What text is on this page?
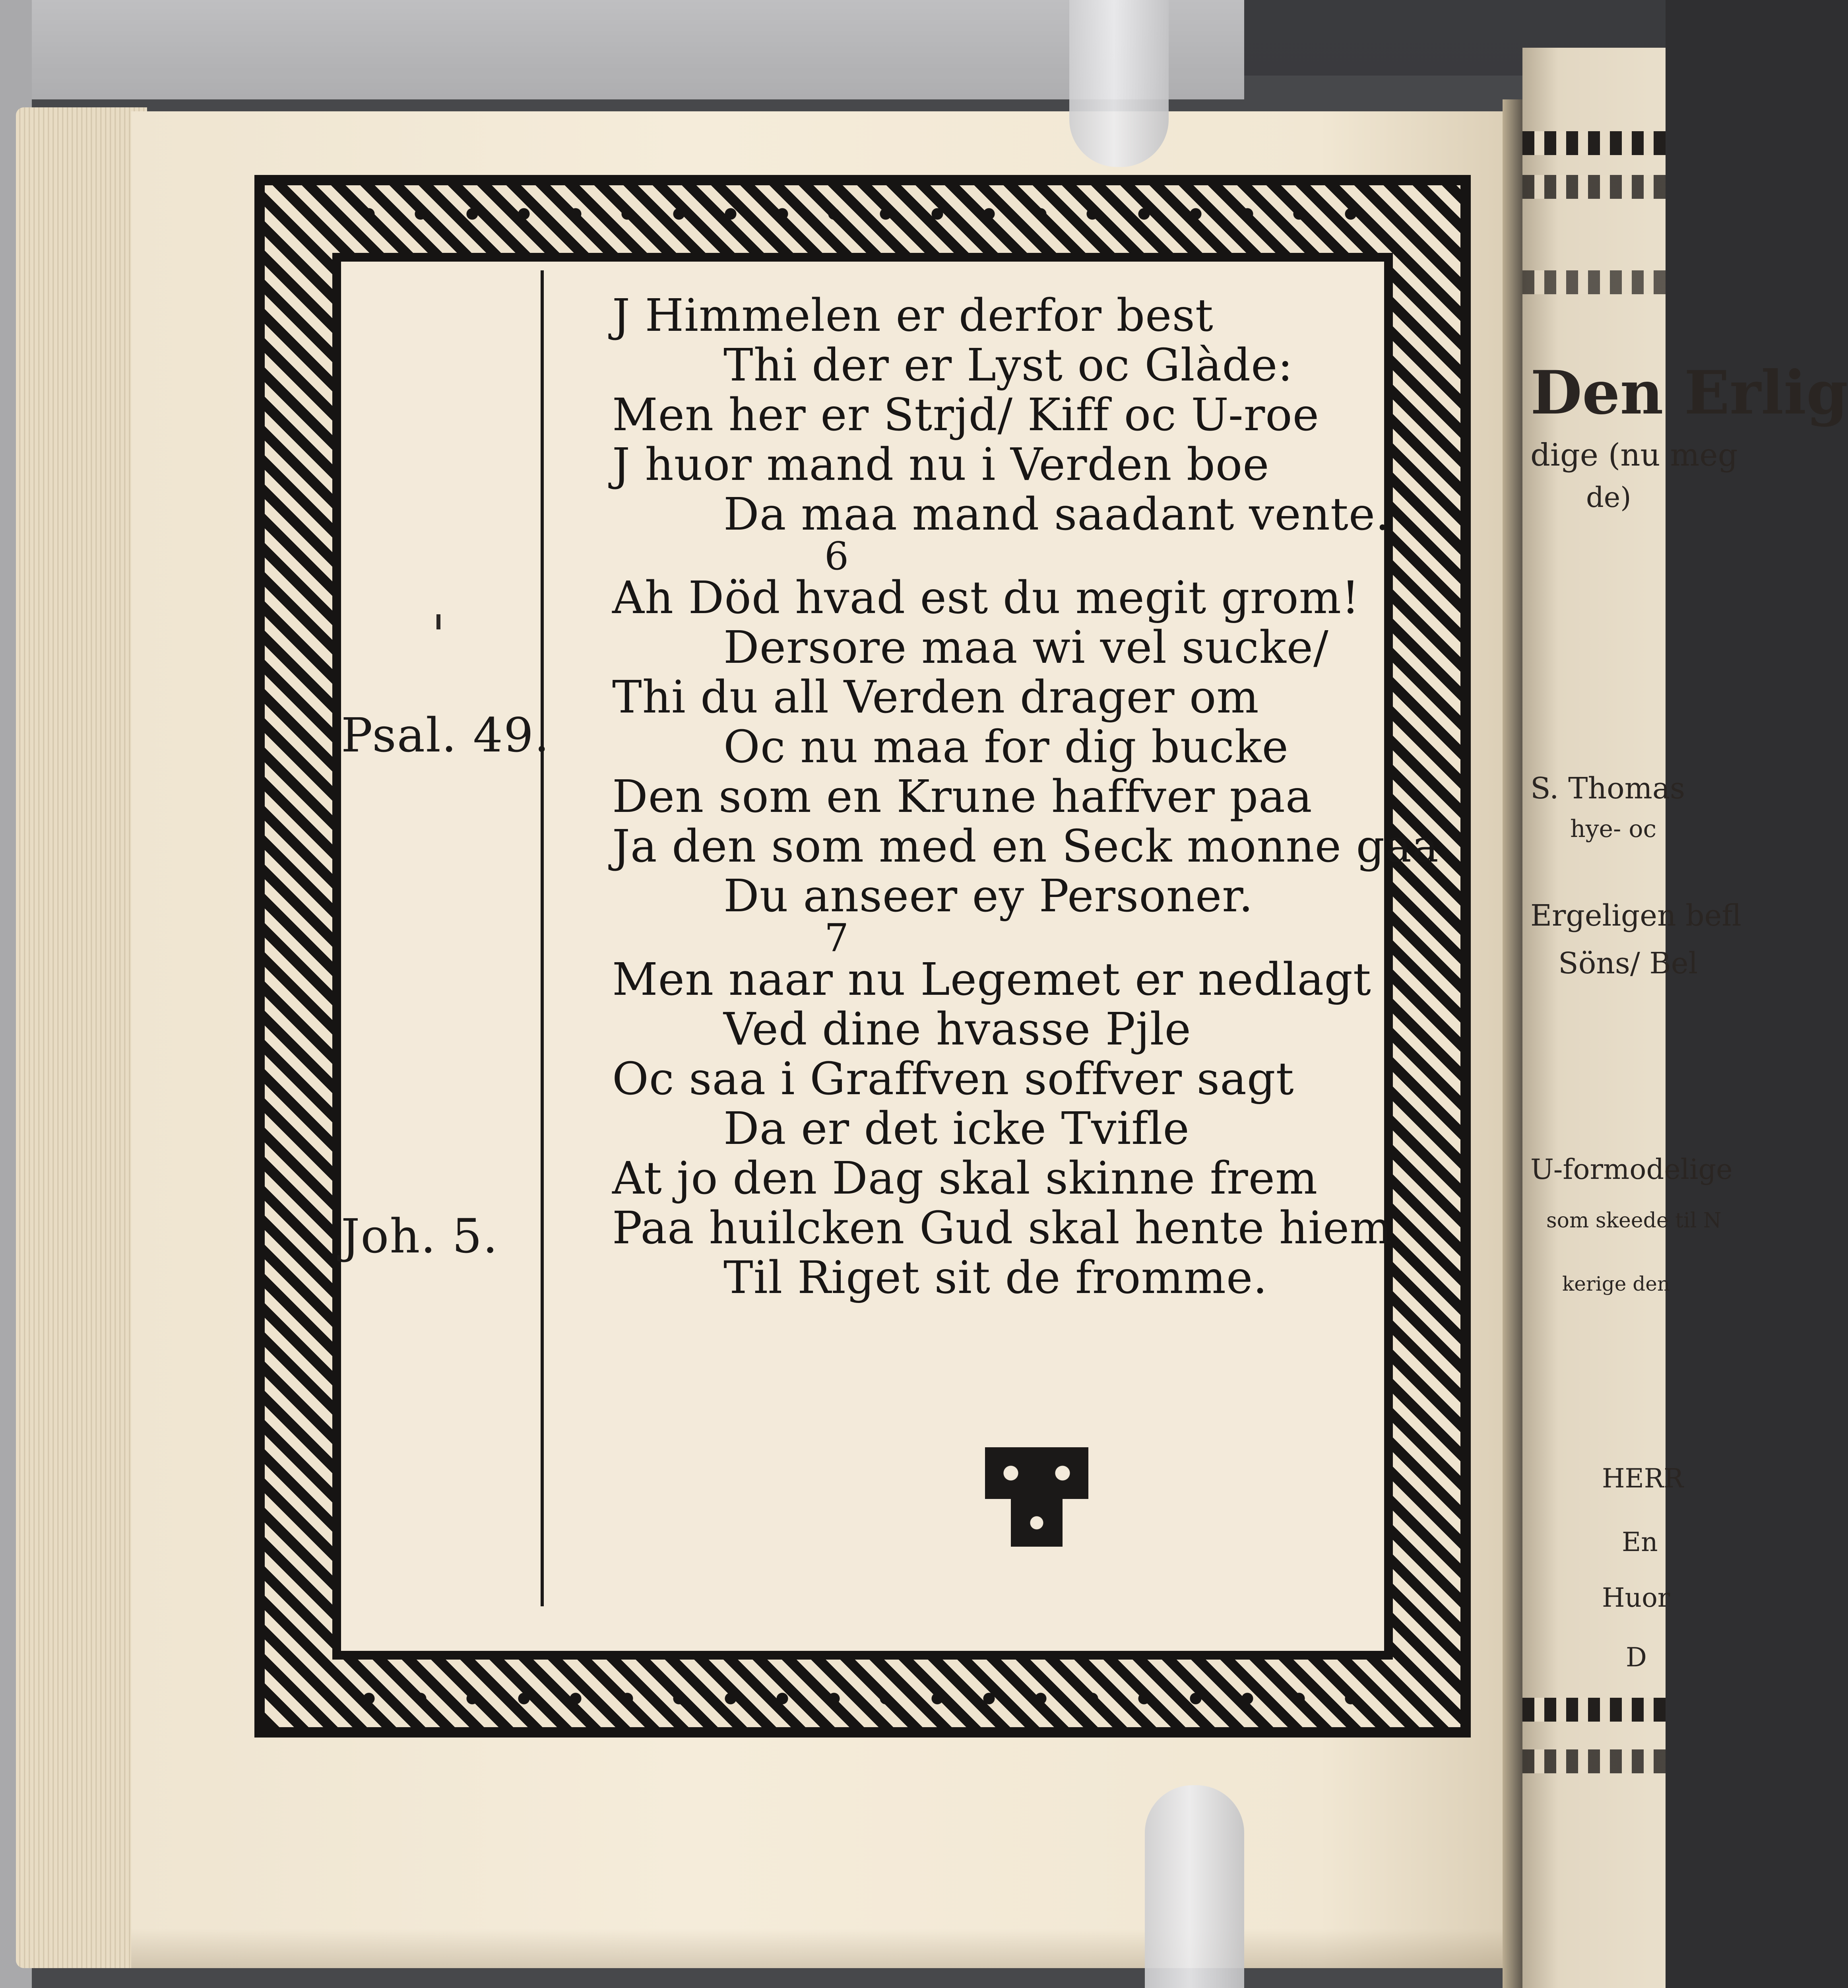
Den Erlig
dige (nu meg
de)
S. Thomas
hye- oc
Ergeligen befl
Söns/ Bel
U-formodelige
som skeede til N
kerige den
HERR
En
Huor
D

Psal. 49.
Joh. 5.
J Himmelen er derfor best
Thi der er Lyst oc Glàde:
Men her er Strjd/ Kiff oc U-roe
J huor mand nu i Verden boe
Da maa mand saadant vente.
6
Ah Död hvad est du megit grom!
Dersore maa wi vel sucke/
Thi du all Verden drager om
Oc nu maa for dig bucke
Den som en Krune haffver paa
Ja den som med en Seck monne gaa
Du anseer ey Personer.
7
Men naar nu Legemet er nedlagt
Ved dine hvasse Pjle
Oc saa i Graffven soffver sagt
Da er det icke Tvifle
At jo den Dag skal skinne frem
Paa huilcken Gud skal hente hiem
Til Riget sit de fromme.
